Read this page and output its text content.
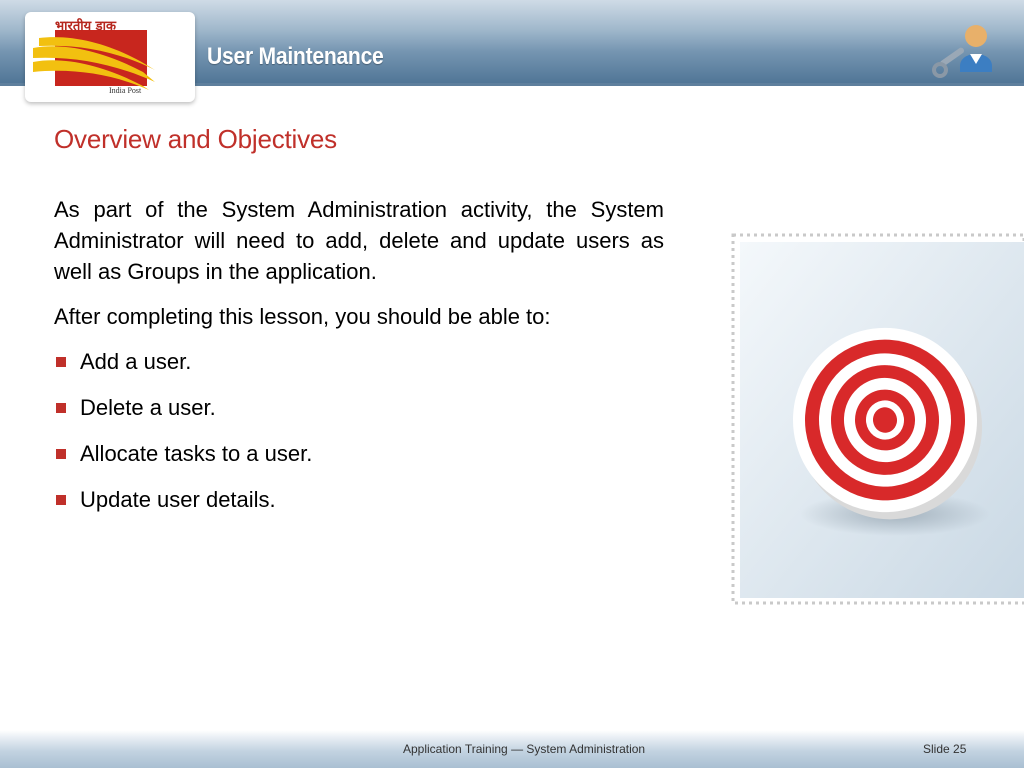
भारतीय डाक
India Post
User Maintenance
Overview and Objectives

As part of the System Administration activity, the System Administrator will need to add, delete and update users as well as Groups in the application.

After completing this lesson, you should be able to:

Add a user.
Delete a user.
Allocate tasks to a user.
Update user details.
Application Training — System Administration	Slide 25
